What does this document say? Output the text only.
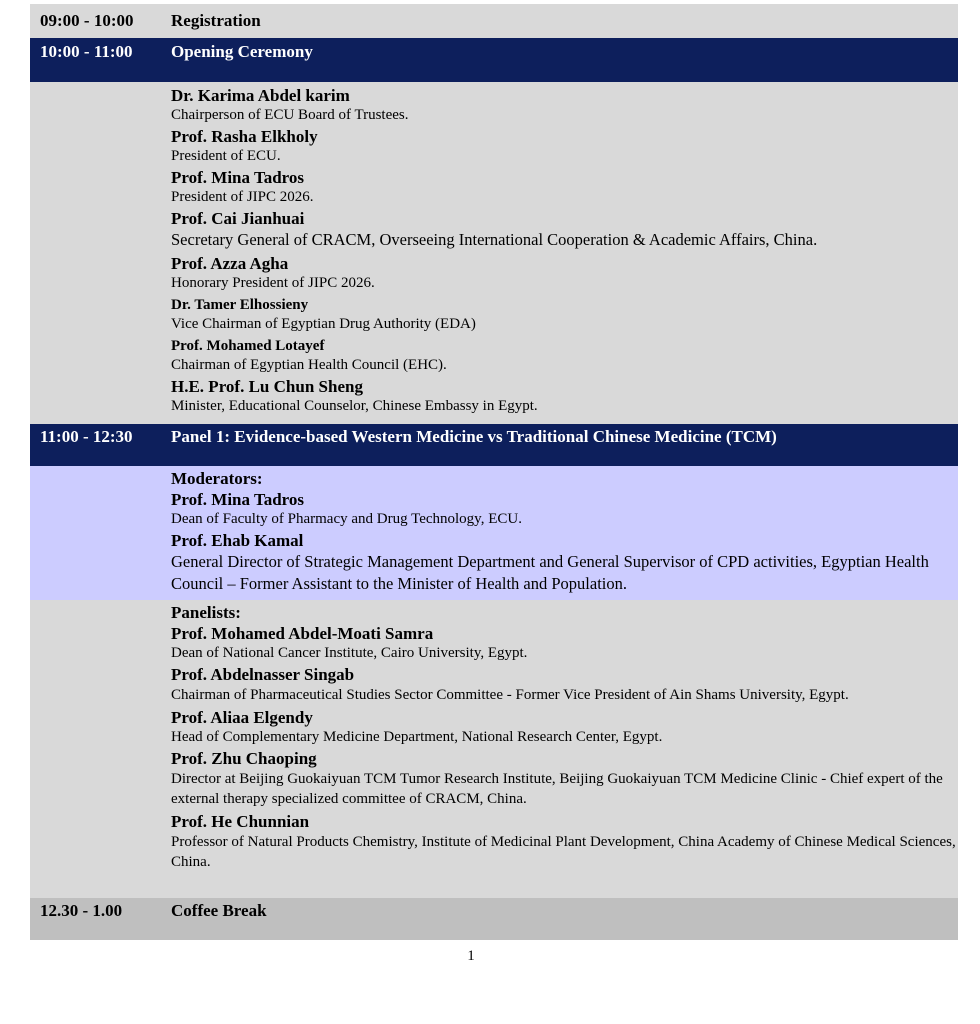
09:00 - 10:00	Registration
10:00 - 11:00	Opening Ceremony
Dr. Karima Abdel karim
Chairperson of ECU Board of Trustees.
Prof. Rasha Elkholy
President of ECU.
Prof. Mina Tadros
President of JIPC 2026.
Prof. Cai Jianhuai
Secretary General of CRACM, Overseeing International Cooperation & Academic Affairs, China.
Prof. Azza Agha
Honorary President of JIPC 2026.
Dr. Tamer Elhossieny
Vice Chairman of Egyptian Drug Authority (EDA)
Prof. Mohamed Lotayef
Chairman of Egyptian Health Council (EHC).
H.E. Prof. Lu Chun Sheng
Minister, Educational Counselor, Chinese Embassy in Egypt.
11:00 - 12:30	Panel 1: Evidence-based Western Medicine vs Traditional Chinese Medicine (TCM)
Moderators:
Prof. Mina Tadros
Dean of Faculty of Pharmacy and Drug Technology, ECU.
Prof. Ehab Kamal
General Director of Strategic Management Department and General Supervisor of CPD activities, Egyptian Health Council – Former Assistant to the Minister of Health and Population.
Panelists:
Prof. Mohamed Abdel-Moati Samra
Dean of National Cancer Institute, Cairo University, Egypt.
Prof. Abdelnasser Singab
Chairman of Pharmaceutical Studies Sector Committee - Former Vice President of Ain Shams University, Egypt.
Prof. Aliaa Elgendy
Head of Complementary Medicine Department, National Research Center, Egypt.
Prof. Zhu Chaoping
Director at Beijing Guokaiyuan TCM Tumor Research Institute, Beijing Guokaiyuan TCM Medicine Clinic - Chief expert of the external therapy specialized committee of CRACM, China.
Prof. He Chunnian
Professor of Natural Products Chemistry, Institute of Medicinal Plant Development, China Academy of Chinese Medical Sciences, China.
12.30 - 1.00	Coffee Break
1
